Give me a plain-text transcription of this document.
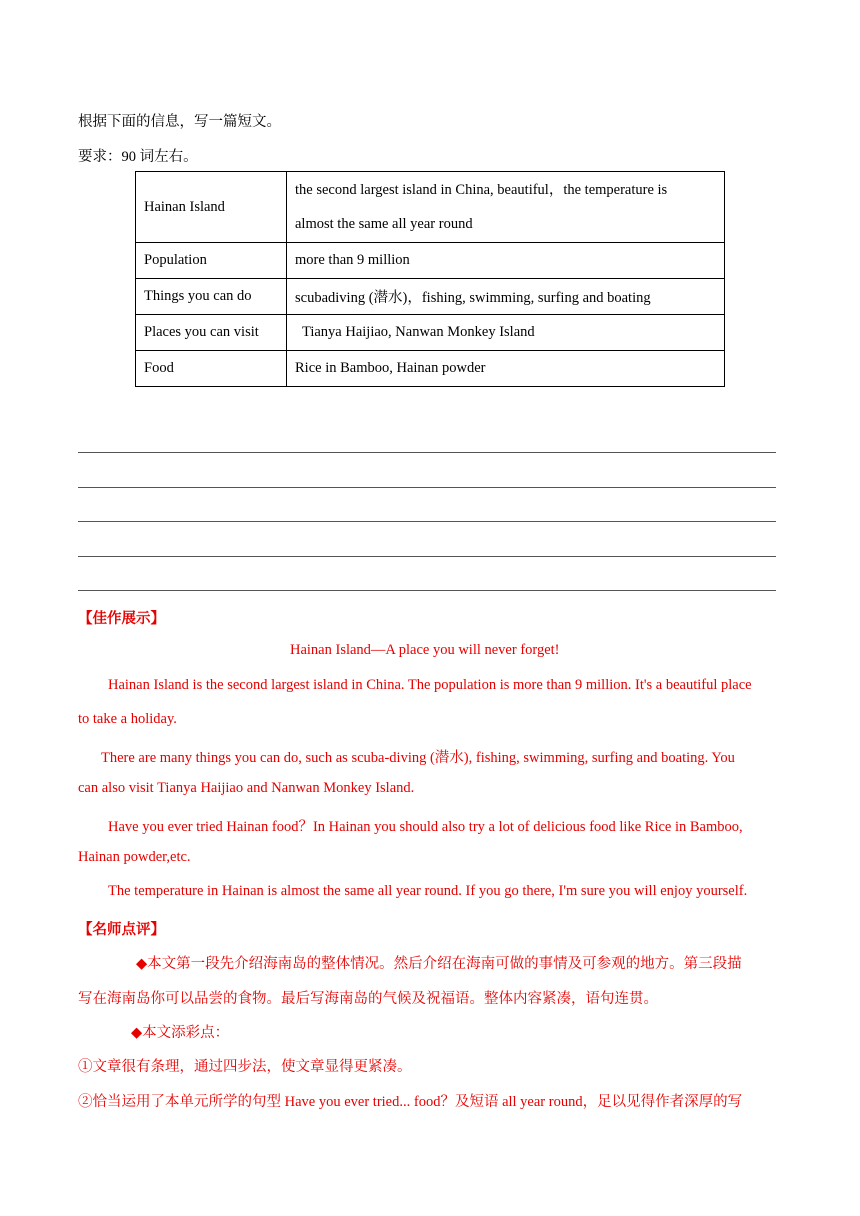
根据下面的信息，写一篇短文。
要求：90 词左右。
Hainan Island	the second largest island in China, beautiful，the temperature is
almost the same all year round

Population	more than 9 million
Things you can do	scubadiving (潜水)，fishing, swimming, surfing and boating
Places you can visit	Tianya Haijiao, Nanwan Monkey Island
Food	Rice in Bamboo, Hainan powder
【佳作展示】
Hainan Island—A place you will never forget!
Hainan Island is the second largest island in China. The population is more than 9 million. It's a beautiful place
to take a holiday.
There are many things you can do, such as scuba-diving (潜水), fishing, swimming, surfing and boating. You
can also visit Tianya Haijiao and Nanwan Monkey Island.
Have you ever tried Hainan food？In Hainan you should also try a lot of delicious food like Rice in Bamboo,
Hainan powder,etc.
The temperature in Hainan is almost the same all year round. If you go there, I'm sure you will enjoy yourself.
【名师点评】
◆本文第一段先介绍海南岛的整体情况。然后介绍在海南可做的事情及可参观的地方。第三段描
写在海南岛你可以品尝的食物。最后写海南岛的气候及祝福语。整体内容紧凑，语句连贯。
◆本文添彩点：
①文章很有条理，通过四步法，使文章显得更紧凑。
②恰当运用了本单元所学的句型 Have you ever tried... food？及短语 all year round，足以见得作者深厚的写
